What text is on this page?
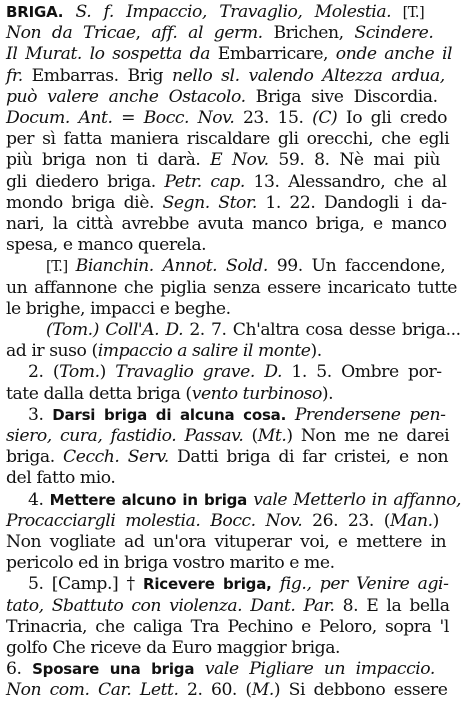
BRIGA. S. f. Impaccio, Travaglio, Molestia. [T.]
Non da Tricae, aff. al germ. Brichen, Scindere.
Il Murat. lo sospetta da Embarricare, onde anche il
fr. Embarras. Brig nello sl. valendo Altezza ardua,
può valere anche Ostacolo. Briga sive Discordia.
Docum. Ant. = Bocc. Nov. 23. 15. (C) Io gli credo
per sì fatta maniera riscaldare gli orecchi, che egli
più briga non ti darà. E Nov. 59. 8. Nè mai più
gli diedero briga. Petr. cap. 13. Alessandro, che al
mondo briga diè. Segn. Stor. 1. 22. Dandogli i da-
nari, la città avrebbe avuta manco briga, e manco
spesa, e manco querela.
[T.] Bianchin. Annot. Sold. 99. Un faccendone,
un affannone che piglia senza essere incaricato tutte
le brighe, impacci e beghe.
(Tom.) Coll'A. D. 2. 7. Ch'altra cosa desse briga...
ad ir suso (impaccio a salire il monte).
2. (Tom.) Travaglio grave. D. 1. 5. Ombre por-
tate dalla detta briga (vento turbinoso).
3. Darsi briga di alcuna cosa. Prendersene pen-
siero, cura, fastidio. Passav. (Mt.) Non me ne darei
briga. Cecch. Serv. Datti briga di far cristei, e non
del fatto mio.
4. Mettere alcuno in briga vale Metterlo in affanno,
Procacciargli molestia. Bocc. Nov. 26. 23. (Man.)
Non vogliate ad un'ora vituperar voi, e mettere in
pericolo ed in briga vostro marito e me.
5. [Camp.] † Ricevere briga, fig., per Venire agi-
tato, Sbattuto con violenza. Dant. Par. 8. E la bella
Trinacria, che caliga Tra Pechino e Peloro, sopra 'l
golfo Che riceve da Euro maggior briga.
6. Sposare una briga vale Pigliare un impaccio.
Non com. Car. Lett. 2. 60. (M.) Si debbono essere
